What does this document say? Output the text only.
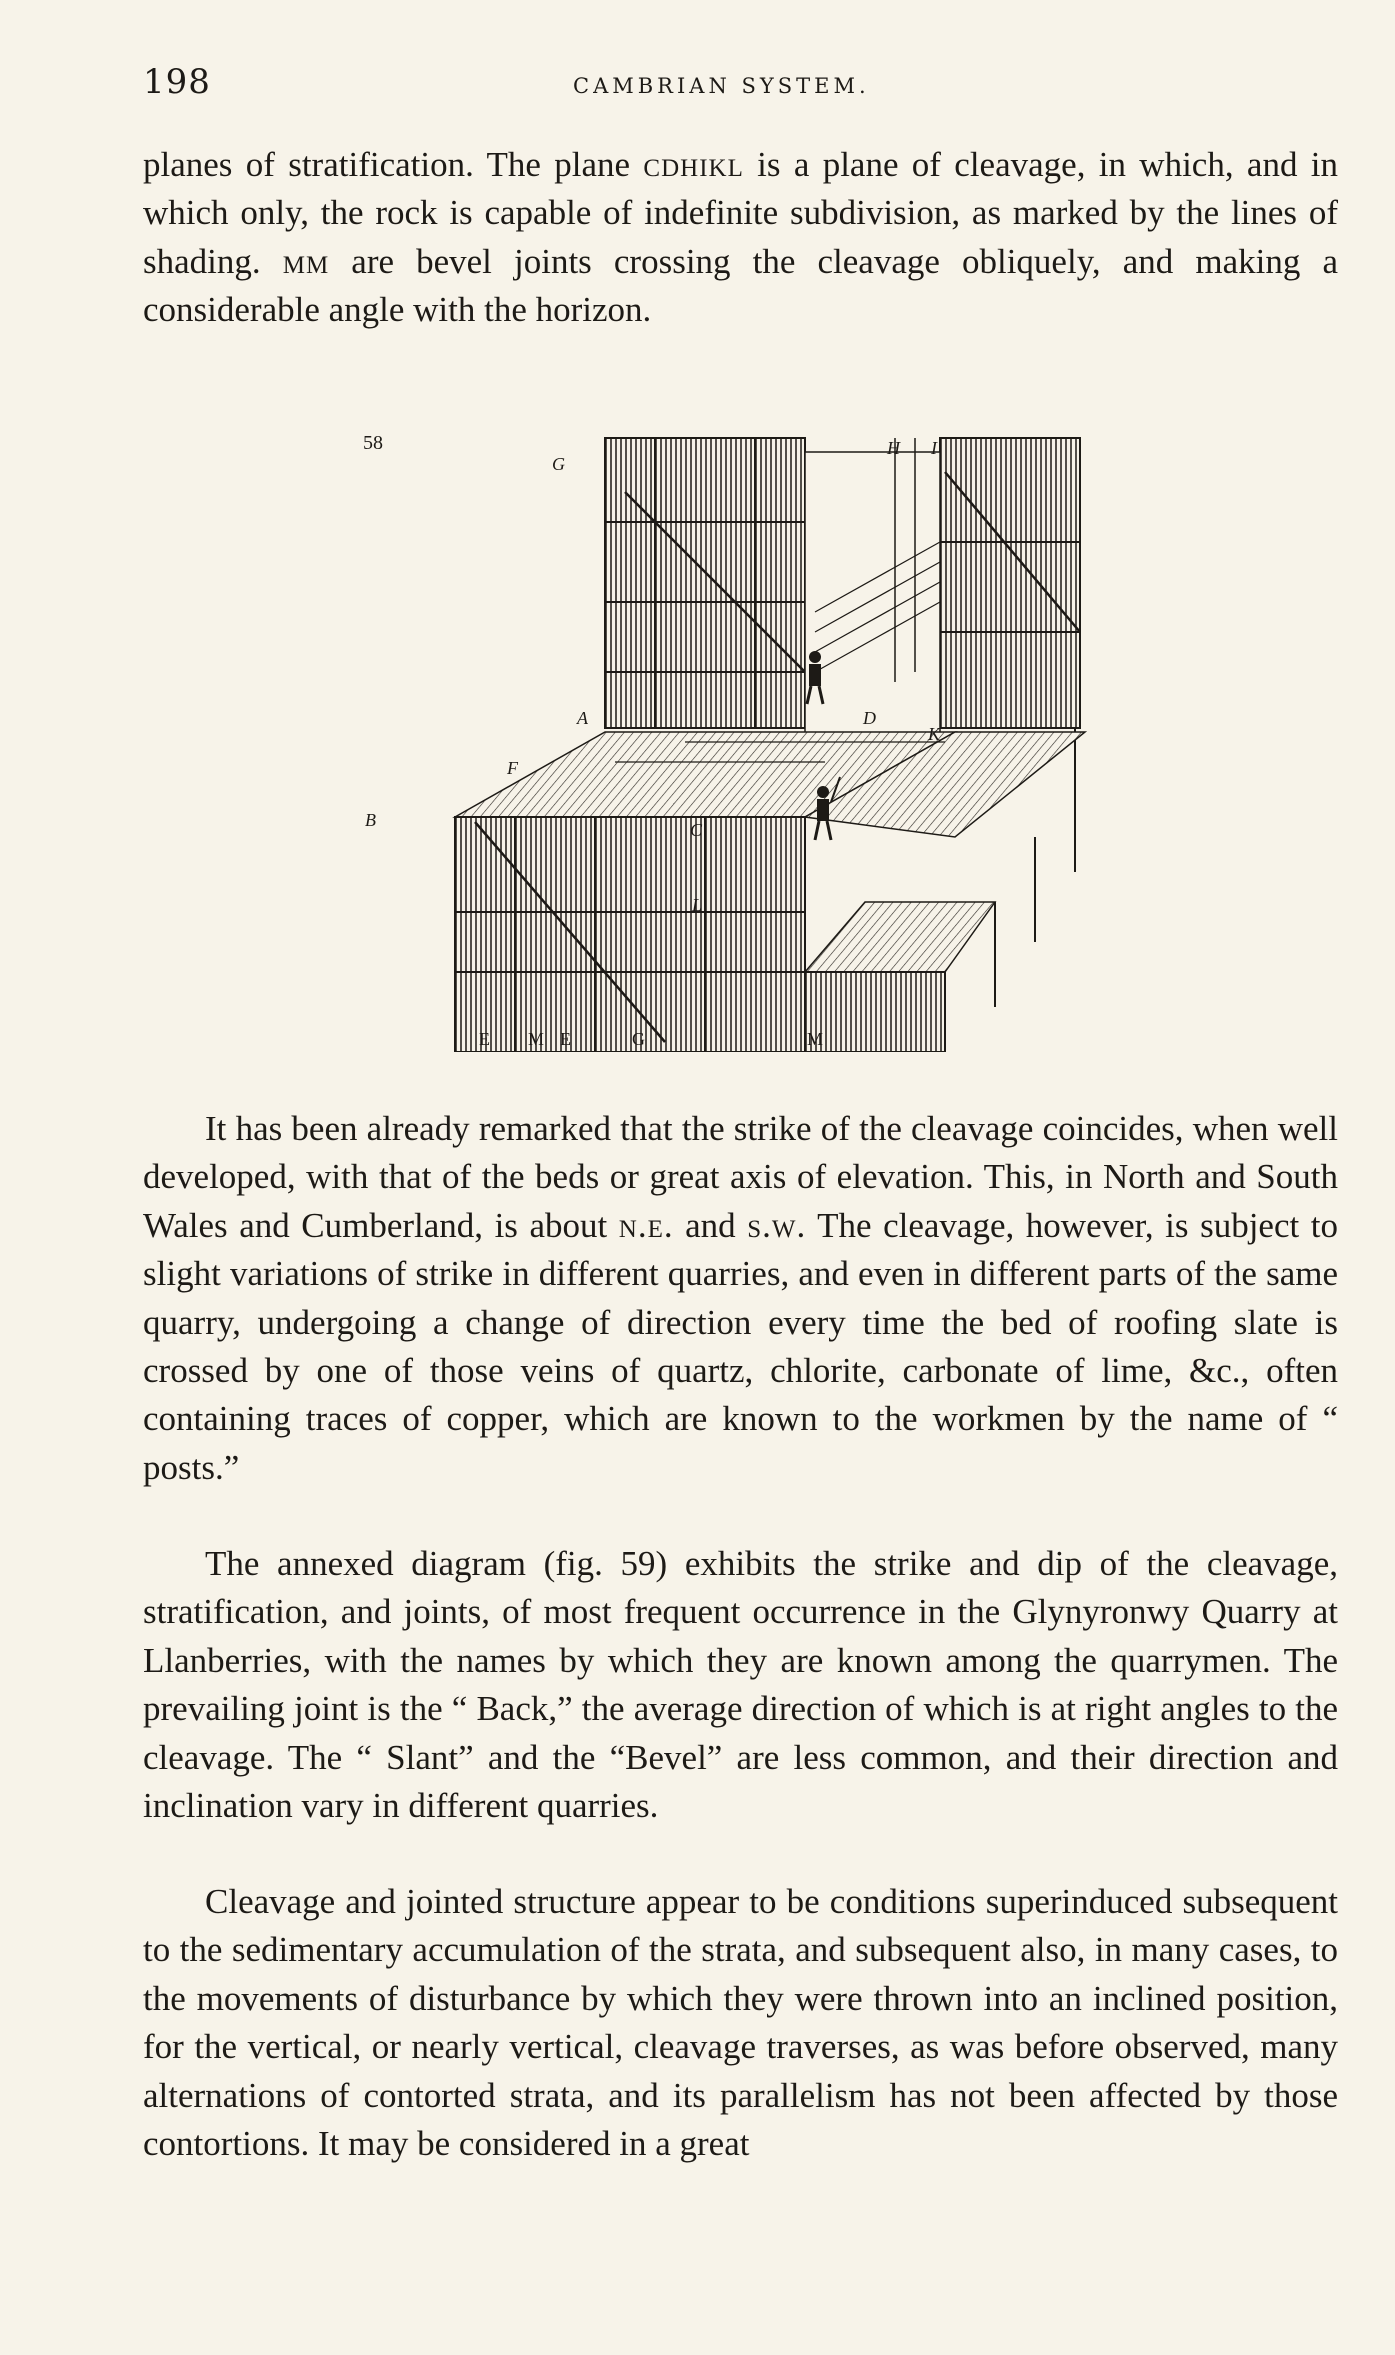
198	CAMBRIAN SYSTEM.

planes of stratification. The plane cdhikl is a plane of cleavage, in which, and in which only, the rock is capable of indefinite subdivision, as marked by the lines of shading. mm are bevel joints crossing the cleavage obliquely, and making a considerable angle with the horizon.

58
G
H I
A
B	C
D
K
L
F
E M E	G	M

It has been already remarked that the strike of the cleavage coincides, when well developed, with that of the beds or great axis of elevation. This, in North and South Wales and Cumberland, is about n.e. and s.w. The cleavage, however, is subject to slight variations of strike in different quarries, and even in different parts of the same quarry, undergoing a change of direction every time the bed of roofing slate is crossed by one of those veins of quartz, chlorite, carbonate of lime, &c., often containing traces of copper, which are known to the workmen by the name of “ posts.”

The annexed diagram (fig. 59) exhibits the strike and dip of the cleavage, stratification, and joints, of most frequent occurrence in the Glynyronwy Quarry at Llanberries, with the names by which they are known among the quarrymen. The prevailing joint is the “ Back,” the average direction of which is at right angles to the cleavage. The “ Slant” and the “Bevel” are less common, and their direction and inclination vary in different quarries.

Cleavage and jointed structure appear to be conditions superinduced subsequent to the sedimentary accumulation of the strata, and subsequent also, in many cases, to the movements of disturbance by which they were thrown into an inclined position, for the vertical, or nearly vertical, cleavage traverses, as was before observed, many alternations of contorted strata, and its parallelism has not been affected by those contortions. It may be considered in a great
